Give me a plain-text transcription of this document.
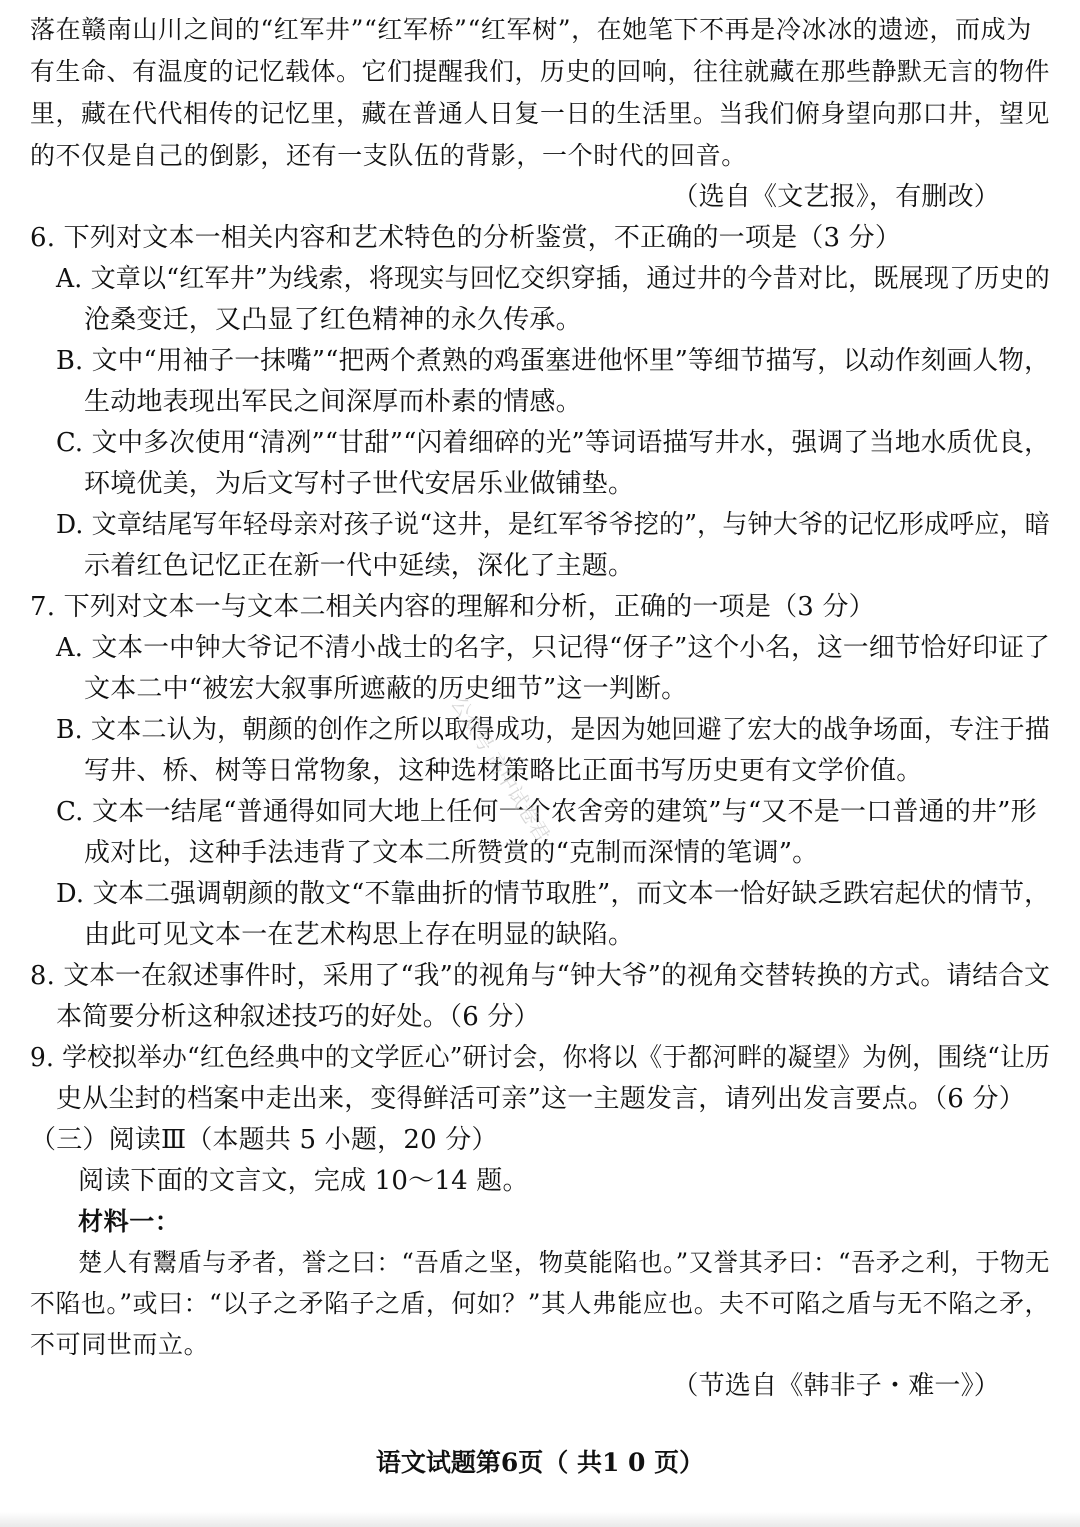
落在赣南山川之间的“红军井”“红军桥”“红军树”，在她笔下不再是冷冰冰的遗迹，而成为
有生命、有温度的记忆载体。它们提醒我们，历史的回响，往往就藏在那些静默无言的物件
里，藏在代代相传的记忆里，藏在普通人日复一日的生活里。当我们俯身望向那口井，望见
的不仅是自己的倒影，还有一支队伍的背影，一个时代的回音。
（选自《文艺报》，有删改）
6. 下列对文本一相关内容和艺术特色的分析鉴赏，不正确的一项是（3 分）
A. 文章以“红军井”为线索，将现实与回忆交织穿插，通过井的今昔对比，既展现了历史的
沧桑变迁，又凸显了红色精神的永久传承。
B. 文中“用袖子一抹嘴”“把两个煮熟的鸡蛋塞进他怀里”等细节描写，以动作刻画人物，
生动地表现出军民之间深厚而朴素的情感。
C. 文中多次使用“清冽”“甘甜”“闪着细碎的光”等词语描写井水，强调了当地水质优良，
环境优美，为后文写村子世代安居乐业做铺垫。
D. 文章结尾写年轻母亲对孩子说“这井，是红军爷爷挖的”，与钟大爷的记忆形成呼应，暗
示着红色记忆正在新一代中延续，深化了主题。
7. 下列对文本一与文本二相关内容的理解和分析，正确的一项是（3 分）
A. 文本一中钟大爷记不清小战士的名字，只记得“伢子”这个小名，这一细节恰好印证了
文本二中“被宏大叙事所遮蔽的历史细节”这一判断。
B. 文本二认为，朝颜的创作之所以取得成功，是因为她回避了宏大的战争场面，专注于描
写井、桥、树等日常物象，这种选材策略比正面书写历史更有文学价值。
C. 文本一结尾“普通得如同大地上任何一个农舍旁的建筑”与“又不是一口普通的井”形
成对比，这种手法违背了文本二所赞赏的“克制而深情的笔调”。
D. 文本二强调朝颜的散文“不靠曲折的情节取胜”，而文本一恰好缺乏跌宕起伏的情节，
由此可见文本一在艺术构思上存在明显的缺陷。
8. 文本一在叙述事件时，采用了“我”的视角与“钟大爷”的视角交替转换的方式。请结合文
本简要分析这种叙述技巧的好处。（6 分）
9. 学校拟举办“红色经典中的文学匠心”研讨会，你将以《于都河畔的凝望》为例，围绕“让历
史从尘封的档案中走出来，变得鲜活可亲”这一主题发言，请列出发言要点。（6 分）
（三）阅读Ⅲ（本题共 5 小题，20 分）
阅读下面的文言文，完成 10～14 题。
材料一：
楚人有鬻盾与矛者，誉之曰：“吾盾之坚，物莫能陷也。”又誉其矛曰：“吾矛之利，于物无
不陷也。”或曰：“以子之矛陷子之盾，何如？”其人弗能应也。夫不可陷之盾与无不陷之矛，
不可同世而立。
（节选自《韩非子・难一》）
公众号 高中试卷君
语文试题第6页（ 共1 0 页）
